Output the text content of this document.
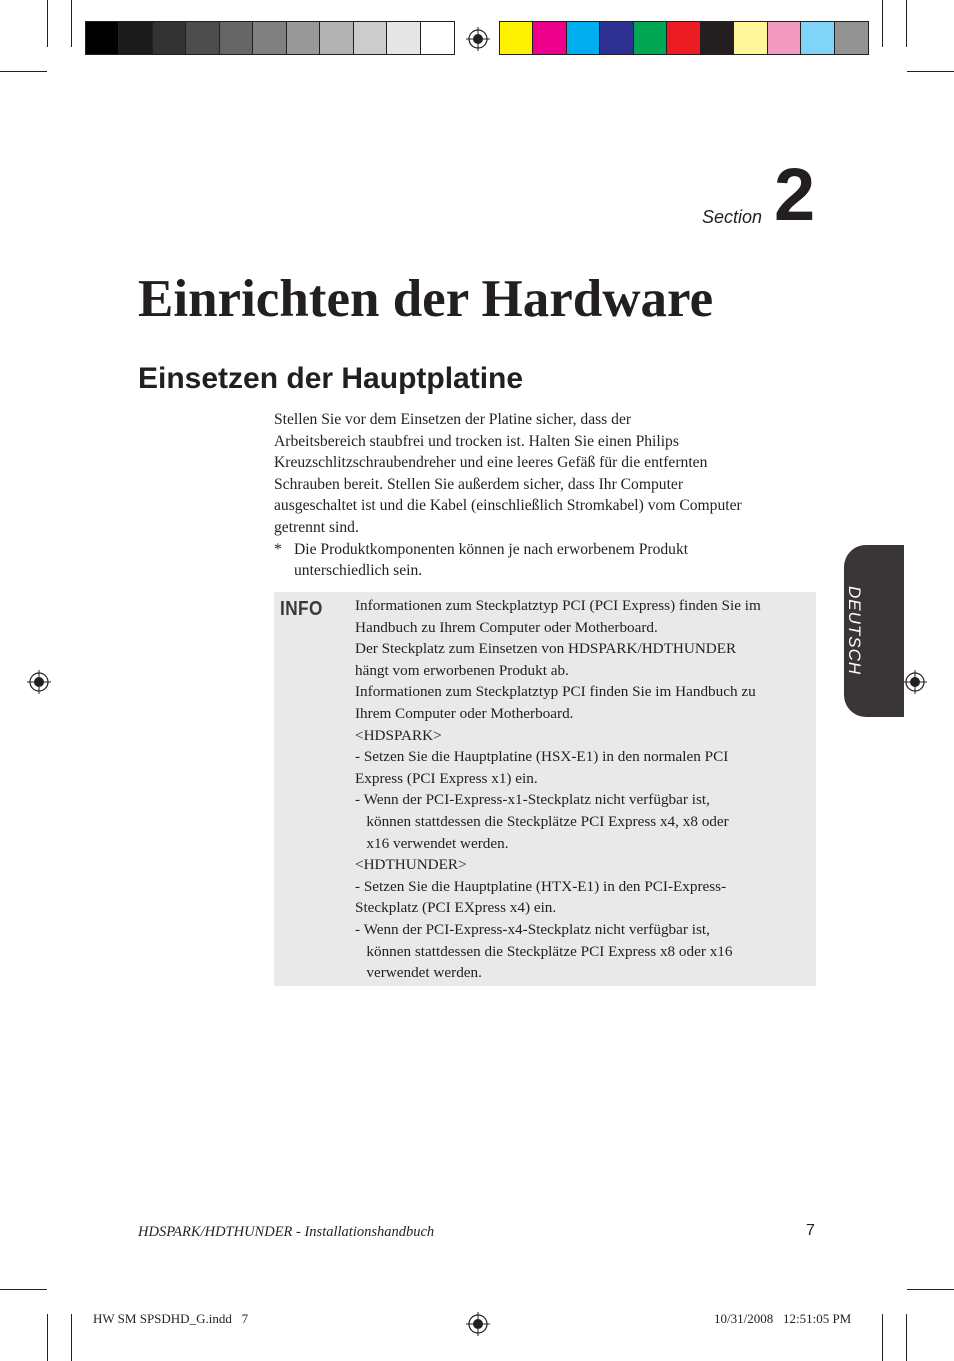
Section 2
Einrichten der Hardware
Einsetzen der Hauptplatine

Stellen Sie vor dem Einsetzen der Platine sicher, dass der

Arbeitsbereich staubfrei und trocken ist. Halten Sie einen Philips

Kreuzschlitzschraubendreher und eine leeres Gefäß für die entfernten

Schrauben bereit. Stellen Sie außerdem sicher, dass Ihr Computer

ausgeschaltet ist und die Kabel (einschließlich Stromkabel) vom Computer

getrennt sind.

* Die Produktkomponenten können je nach erworbenem Produkt

unterschiedlich sein.

INFO Informationen zum Steckplatztyp PCI (PCI Express) finden Sie im
Handbuch zu Ihrem Computer oder Motherboard.
Der Steckplatz zum Einsetzen von HDSPARK/HDTHUNDER
hängt vom erworbenen Produkt ab.
Informationen zum Steckplatztyp PCI finden Sie im Handbuch zu
Ihrem Computer oder Motherboard.
<HDSPARK>
- Setzen Sie die Hauptplatine (HSX-E1) in den normalen PCI
Express (PCI Express x1) ein.
- Wenn der PCI-Express-x1-Steckplatz nicht verfügbar ist,
können stattdessen die Steckplätze PCI Express x4, x8 oder
x16 verwendet werden.
<HDTHUNDER>
- Setzen Sie die Hauptplatine (HTX-E1) in den PCI-Express-
Steckplatz (PCI EXpress x4) ein.
- Wenn der PCI-Express-x4-Steckplatz nicht verfügbar ist,
können stattdessen die Steckplätze PCI Express x8 oder x16
verwendet werden.
DEUTSCH
HDSPARK/HDTHUNDER - Installationshandbuch	7
HW SM SPSDHD_G.indd   7	10/31/2008   12:51:05 PM
